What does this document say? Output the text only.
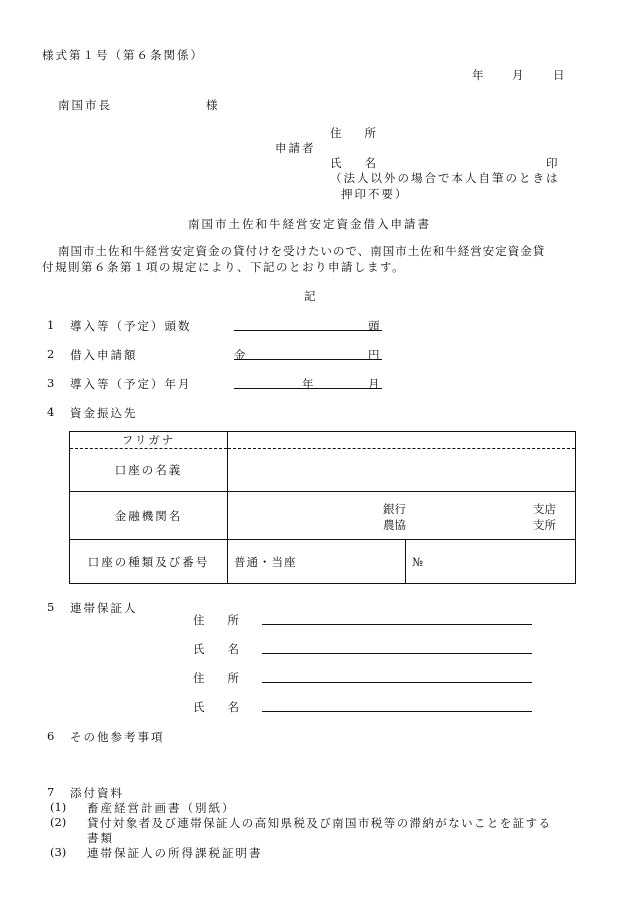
様式第１号（第６条関係）
年 月	日
南国市長	様
住　　所
申請者
氏　　名	印
（法人以外の場合で本人自筆のときは
押印不要）
南国市土佐和牛経営安定資金借入申請書
南国市土佐和牛経営安定資金の貸付けを受けたいので、南国市土佐和牛経営安定資金貸
付規則第６条第１項の規定により、下記のとおり申請します。
記
1 導入等（予定）頭数	頭
2 借入申請額	金	円
3 導入等（予定）年月	年	月
4 資金振込先
フリガナ	
口座の名義	
金融機関名	銀行 支店
農協 支所

口座の種類及び番号	普通・当座 №
5 連帯保証人
住　　所
氏　　名
住　　所
氏　　名
6 その他参考事項
7 添付資料
(1) 畜産経営計画書（別紙）
(2) 貸付対象者及び連帯保証人の高知県税及び南国市税等の滞納がないことを証する
書類
(3) 連帯保証人の所得課税証明書
